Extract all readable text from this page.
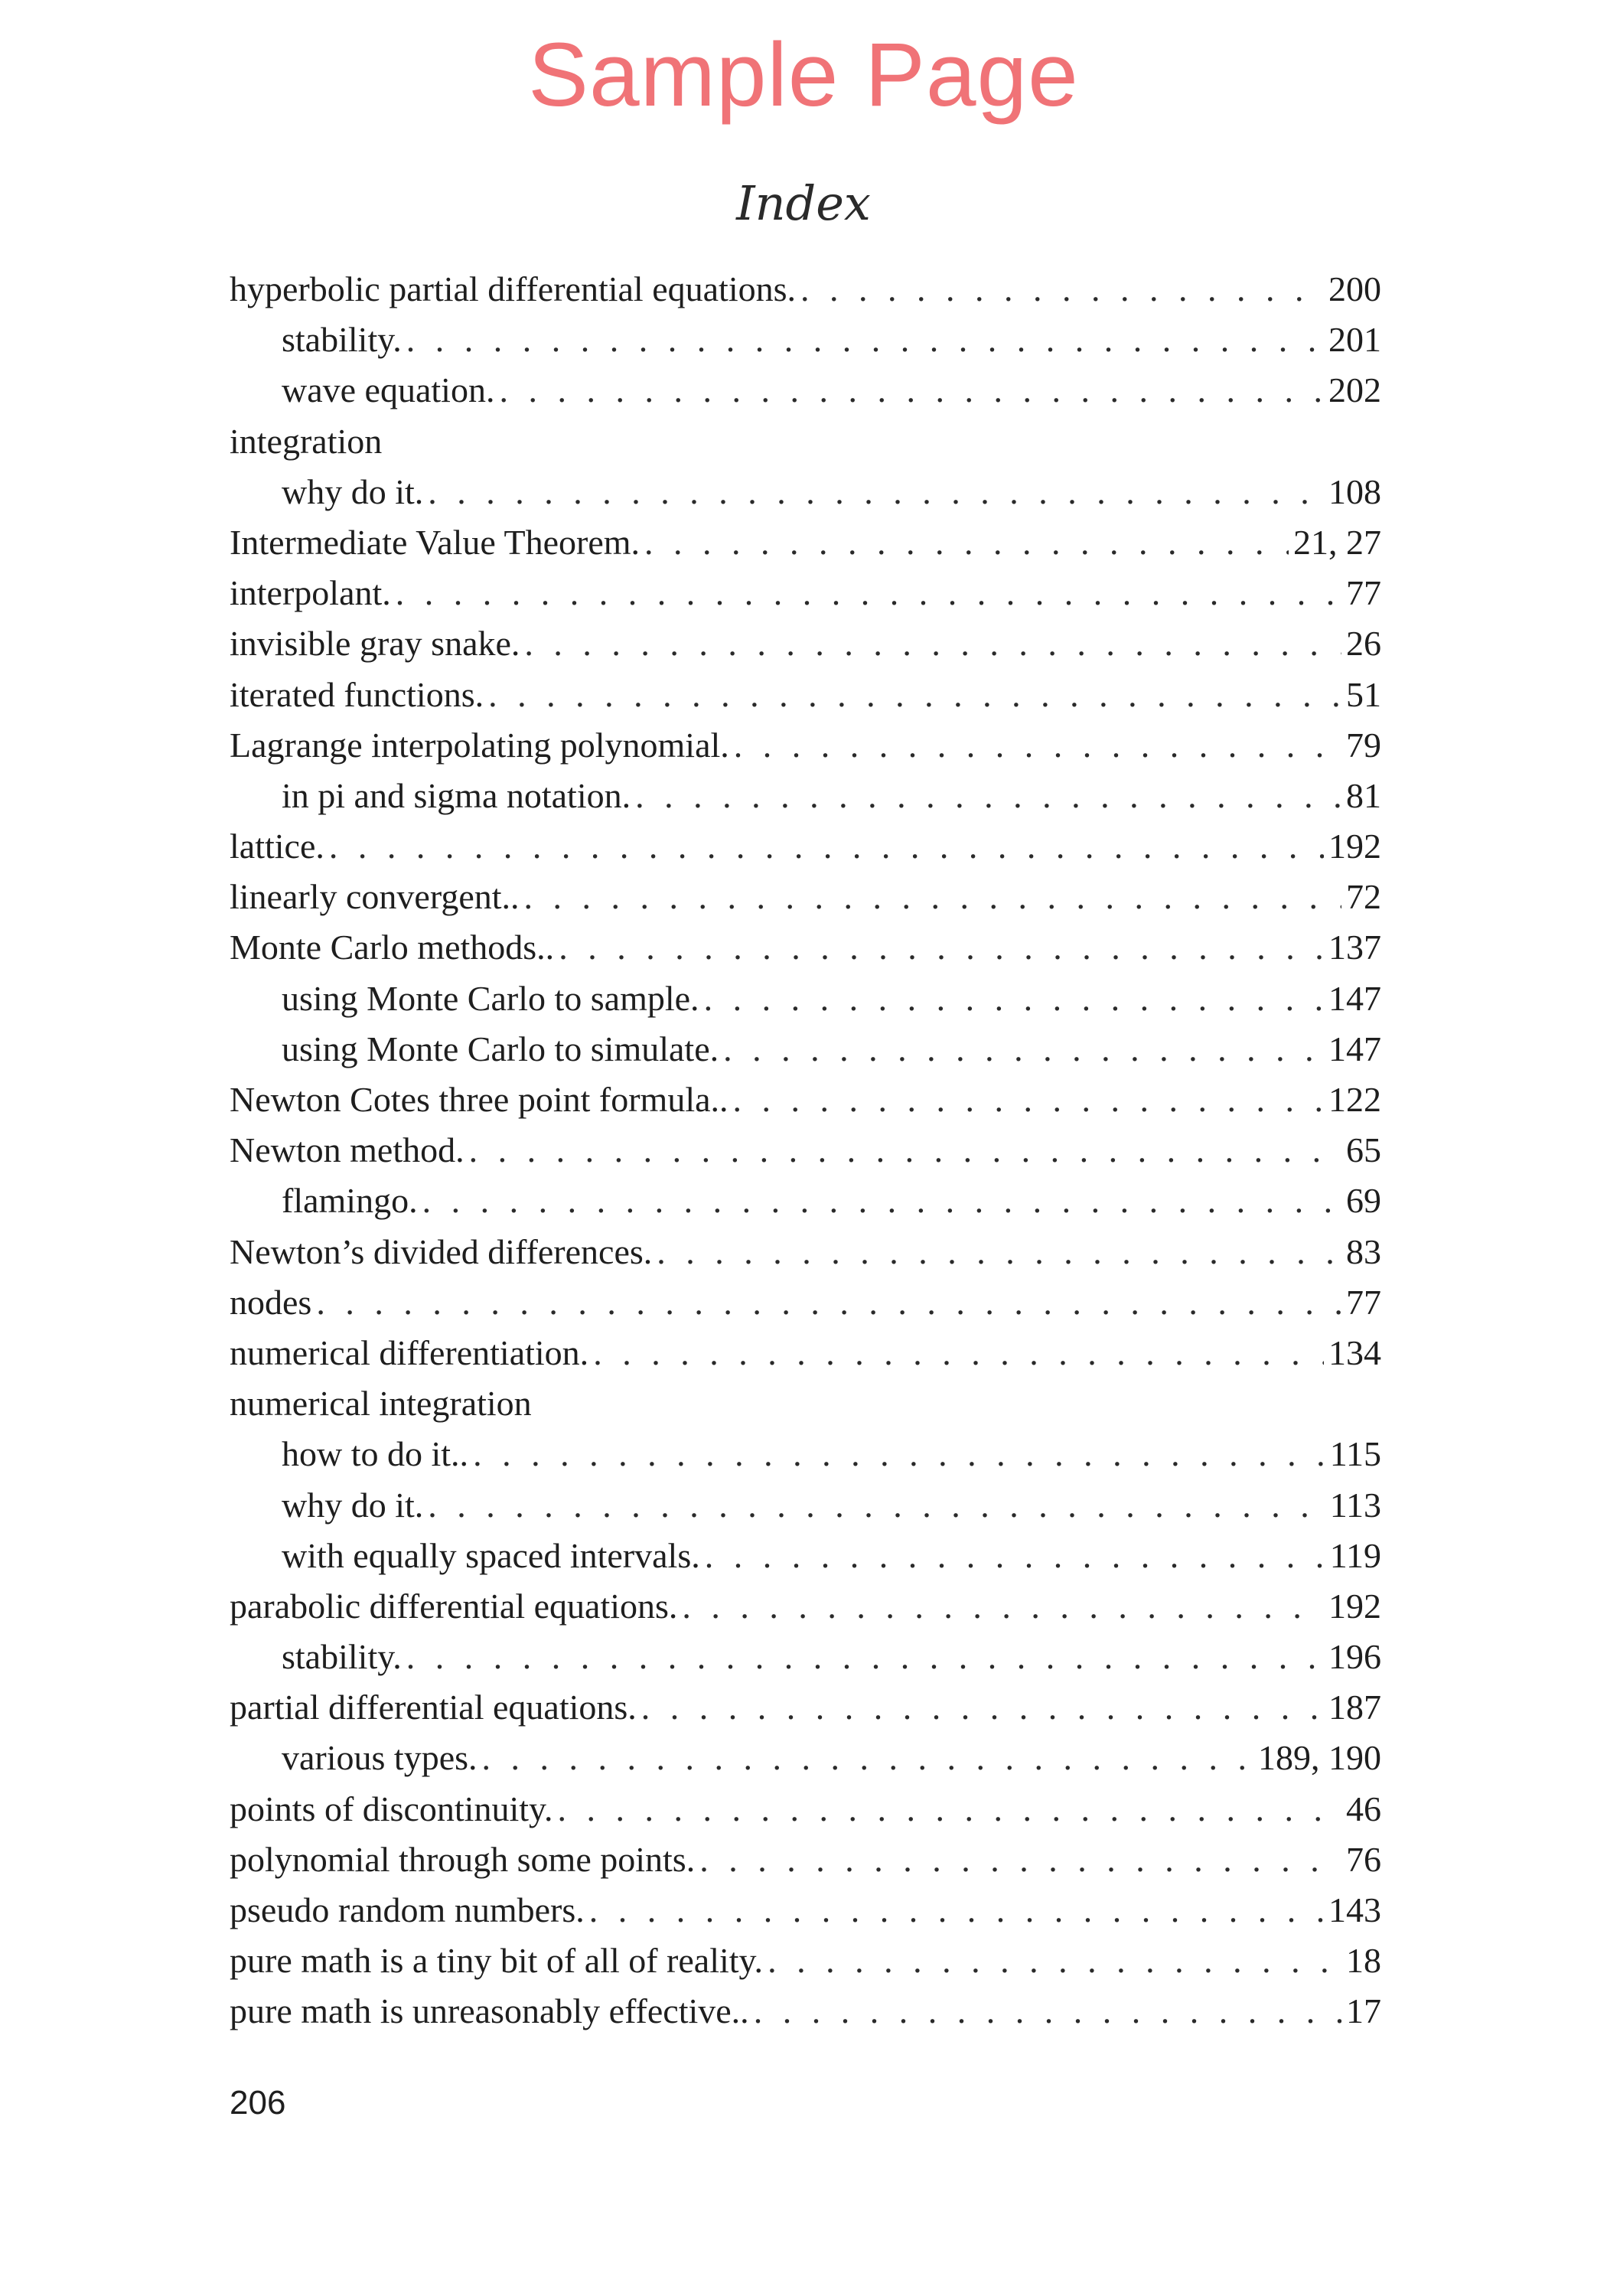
Sample Page
Index
hyperbolic partial differential equations. . . .	200
stability. . . .	201
wave equation. . . .	202
integration
why do it. . . .	108
Intermediate Value Theorem. . . .	21, 27
interpolant. . . .	77
invisible gray snake. . . .	26
iterated functions. . . .	51
Lagrange interpolating polynomial. . . .	79
in pi and sigma notation. . . .	81
lattice. . . .	192
linearly convergent.. . . .	72
Monte Carlo methods.. . . .	137
using Monte Carlo to sample. . . .	147
using Monte Carlo to simulate. . . .	147
Newton Cotes three point formula.. . . .	122
Newton method. . . .	65
flamingo. . . .	69
Newton’s divided differences. . . .	83
nodes . . .	77
numerical differentiation. . . .	134
numerical integration
how to do it.. . . .	115
why do it. . . .	113
with equally spaced intervals. . . .	119
parabolic differential equations. . . .	192
stability. . . .	196
partial differential equations. . . .	187
various types. . . .	189, 190
points of discontinuity. . . .	46
polynomial through some points. . . .	76
pseudo random numbers. . . .	143
pure math is a tiny bit of all of reality. . . .	18
pure math is unreasonably effective.. . . .	17
206
